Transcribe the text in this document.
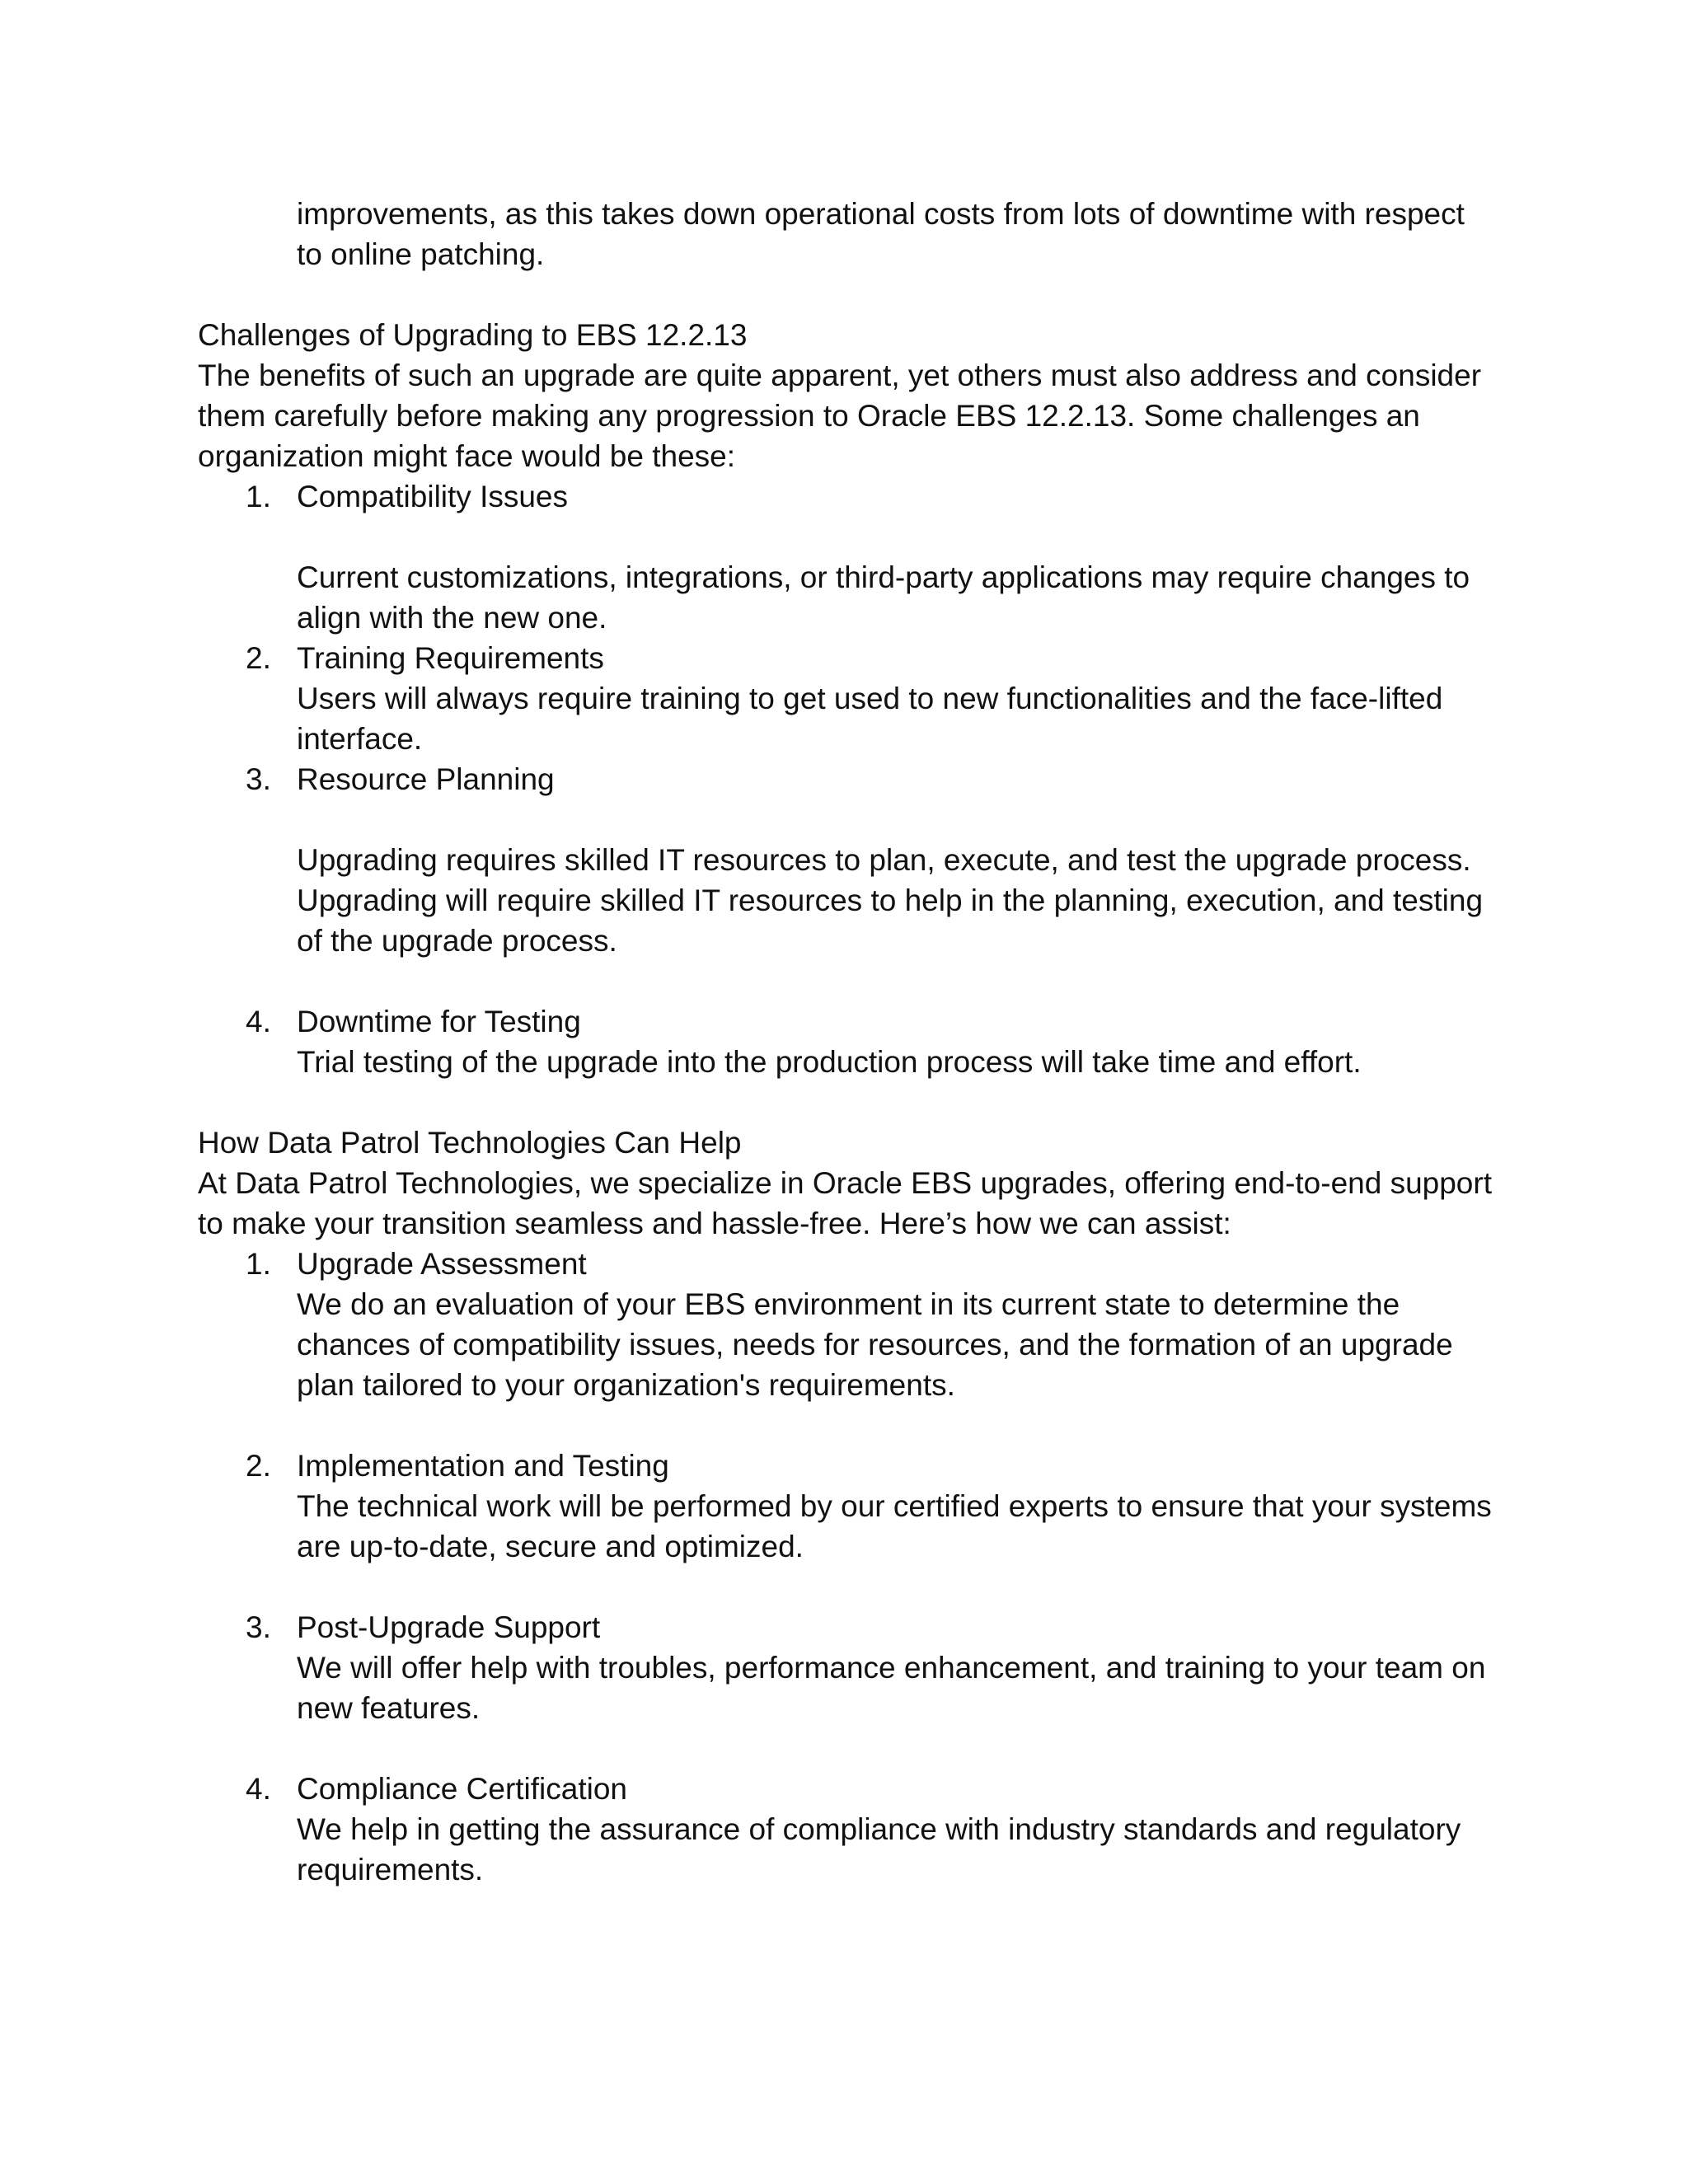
improvements, as this takes down operational costs from lots of downtime with respect to online patching.

Challenges of Upgrading to EBS 12.2.13

The benefits of such an upgrade are quite apparent, yet others must also address and consider them carefully before making any progression to Oracle EBS 12.2.13. Some challenges an organization might face would be these:

1. Compatibility Issues
Current customizations, integrations, or third-party applications may require changes to align with the new one.
2. Training Requirements
Users will always require training to get used to new functionalities and the face-lifted interface.
3. Resource Planning
Upgrading requires skilled IT resources to plan, execute, and test the upgrade process. Upgrading will require skilled IT resources to help in the planning, execution, and testing of the upgrade process.
4. Downtime for Testing
Trial testing of the upgrade into the production process will take time and effort.

How Data Patrol Technologies Can Help

At Data Patrol Technologies, we specialize in Oracle EBS upgrades, offering end-to-end support to make your transition seamless and hassle-free. Here’s how we can assist:

1. Upgrade Assessment
We do an evaluation of your EBS environment in its current state to determine the chances of compatibility issues, needs for resources, and the formation of an upgrade plan tailored to your organization's requirements.
2. Implementation and Testing
The technical work will be performed by our certified experts to ensure that your systems are up-to-date, secure and optimized.
3. Post-Upgrade Support
We will offer help with troubles, performance enhancement, and training to your team on new features.
4. Compliance Certification
We help in getting the assurance of compliance with industry standards and regulatory requirements.
